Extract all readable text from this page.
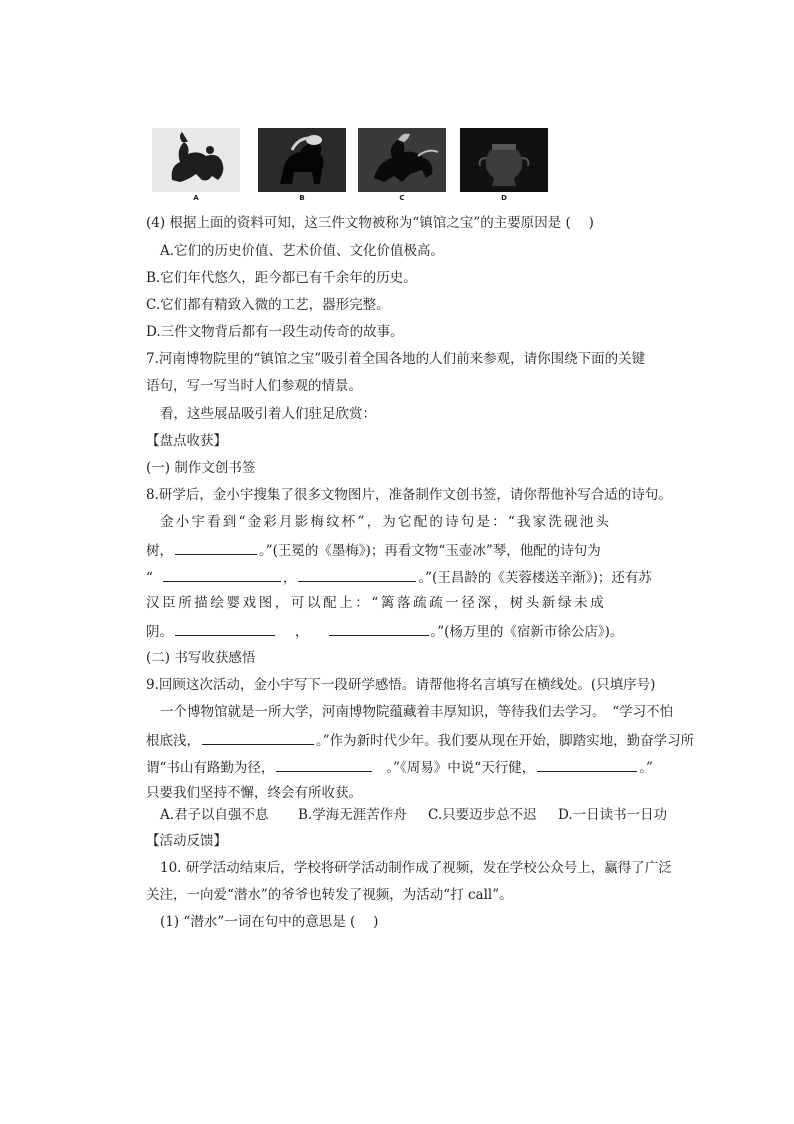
A	B	C	D
(4) 根据上面的资料可知，这三件文物被称为“镇馆之宝”的主要原因是 (　 )
A.它们的历史价值、艺术价值、文化价值极高。
B.它们年代悠久，距今都已有千余年的历史。
C.它们都有精致入微的工艺，器形完整。
D.三件文物背后都有一段生动传奇的故事。
7.河南博物院里的“镇馆之宝”吸引着全国各地的人们前来参观，请你围绕下面的关键
语句，写一写当时人们参观的情景。
看，这些展品吸引着人们驻足欣赏：
【盘点收获】
(一) 制作文创书签
8.研学后，金小宇搜集了很多文物图片，准备制作文创书签，请你帮他补写合适的诗句。
金小宇看到“金彩月影梅纹杯”，为它配的诗句是：“我家洗砚池头
树，	。”(王冕的《墨梅》)；再看文物“玉壶冰”琴，他配的诗句为
“	，	。”(王昌龄的《芙蓉楼送辛渐》)；还有苏
汉臣所描绘婴戏图，可以配上：“篱落疏疏一径深，树头新绿未成
阴。	，	。”(杨万里的《宿新市徐公店》)。
(二) 书写收获感悟
9.回顾这次活动，金小宇写下一段研学感悟。请帮他将名言填写在横线处。(只填序号)
一个博物馆就是一所大学，河南博物院蕴藏着丰厚知识，等待我们去学习。　“学习不怕
根底浅，	。”作为新时代少年。我们要从现在开始，脚踏实地，勤奋学习所
谓“书山有路勤为径，	。”《周易》中说“天行健，	。”
只要我们坚持不懈，终会有所收获。
A.君子以自强不息 B.学海无涯苦作舟 C.只要迈步总不迟 D.一日读书一日功
【活动反馈】
10. 研学活动结束后，学校将研学活动制作成了视频，发在学校公众号上，赢得了广泛
关注，一向爱“潜水”的爷爷也转发了视频，为活动“打 call”。
(1) “潜水”一词在句中的意思是 (　 )
